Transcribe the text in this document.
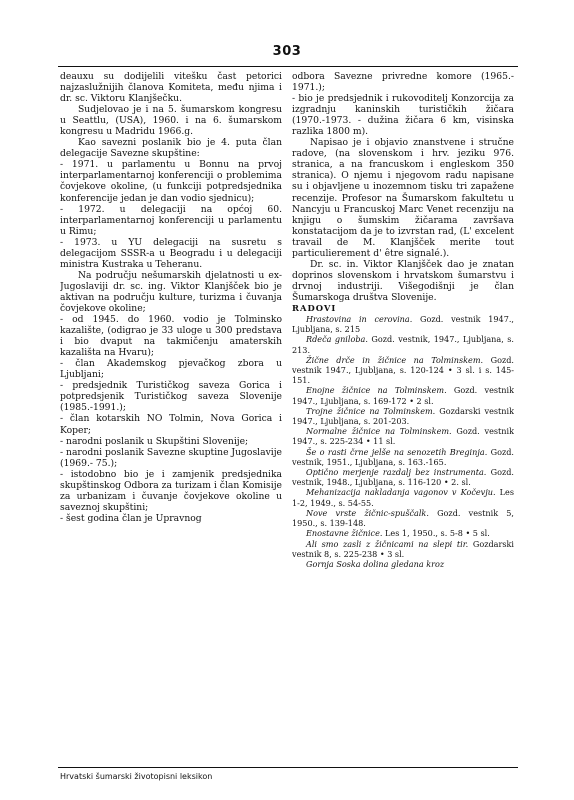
303

deauxu su dodijelili vitešku čast petorici najzaslužnijih članova Komiteta, među njima i dr. sc. Viktoru Klanjšečku.

Sudjelovao je i na 5. šumarskom kongresu u Seattlu, (USA), 1960. i na 6. šumarskom kongresu u Madridu 1966.g.

Kao savezni poslanik bio je 4. puta član delegacije Savezne skupštine:

- 1971. u parlamentu u Bonnu na prvoj interparlamentarnoj konferenciji o problemima čovjekove okoline, (u funkciji potpredsjednika konferencije jedan je dan vodio sjednicu);

- 1972. u delegaciji na općoj 60. interparlamentarnoj konferenciji u parlamentu u Rimu;

- 1973. u YU delegaciji na susretu s delegacijom SSSR-a u Beogradu i u delegaciji ministra Kustraka u Teheranu.

Na području nešumarskih djelatnosti u ex-Jugoslaviji dr. sc. ing. Viktor Klanjšček bio je aktivan na području kulture, turizma i čuvanja čovjekove okoline;

- od 1945. do 1960. vodio je Tolminsko kazalište, (odigrao je 33 uloge u 300 predstava i bio dvaput na takmičenju amaterskih kazališta na Hvaru);

- član Akademskog pjevačkog zbora u Ljubljani;

- predsjednik Turističkog saveza Gorica i potpredsjenik Turističkog saveza Slovenije (1985.-1991.);

- član kotarskih NO Tolmin, Nova Gorica i Koper;

- narodni poslanik u Skupštini Slovenije;

- narodni poslanik Savezne skuptine Jugoslavije (1969.- 75.);

- istodobno bio je i zamjenik predsjednika skupštinskog Odbora za turizam i član Komisije za urbanizam i čuvanje čovjekove okoline u saveznoj skupštini;

- šest godina član je Upravnog

odbora Savezne privredne komore (1965.- 1971.);

- bio je predsjednik i rukovoditelj Konzorcija za izgradnju kaninskih turističkih žičara (1970.-1973. - dužina žičara 6 km, visinska razlika 1800 m).

Napisao je i objavio znanstvene i stručne radove, (na slovenskom i hrv. jeziku 976. stranica, a na francuskom i engleskom 350 stranica). O njemu i njegovom radu napisane su i objavljene u inozemnom tisku tri zapažene recenzije. Profesor na Šumarskom fakultetu u Nancyju u Francuskoj Marc Venet recenziju na knjigu o šumskim žičarama završava konstatacijom da je to izvrstan rad, (L' excelent travail de M. Klanjšček merite tout particulierement d' être signalé.).

Dr. sc. in. Viktor Klanjšček dao je znatan doprinos slovenskom i hrvatskom šumarstvu i drvnoj industriji. Višegodišnji je član Šumarskoga društva Slovenije.

RADOVI

Hrastovina in cerovina. Gozd. vestnik 1947., Ljubljana, s. 215

Rdeča gniloba. Gozd. vestnik, 1947., Ljubljana, s. 213.

Žične drče in žičnice na Tolminskem. Gozd. vestnik 1947., Ljubljana, s. 120-124 • 3 sl. i s. 145-151.

Enojne žičnice na Tolminskem. Gozd. vestnik 1947., Ljubljana, s. 169-172 • 2 sl.

Trojne žičnice na Tolminskem. Gozdarski vestnik 1947., Ljubljana, s. 201-203.

Normalne žičnice na Tolminskem. Gozd. vestnik 1947., s. 225-234 • 11 sl.

Še o rasti črne jelše na senozetih Breginja. Gozd. vestnik, 1951., Ljubljana, s. 163.-165.

Optično merjenje razdalj bez instrumenta. Gozd. vestnik, 1948., Ljubljana, s. 116-120 • 2. sl.

Mehanizacija nakladanja vagonov v Kočevju. Les 1-2, 1949., s. 54-55.

Nove vrste žičnic-spuščalk. Gozd. vestnik 5, 1950., s. 139-148.

Enostavne žičnice. Les 1, 1950., s. 5-8 • 5 sl.

Ali smo zasli z žičnicami na slepi tir. Gozdarski vestnik 8, s. 225-238 • 3 sl.

Gornja Soska dolina gledana kroz

Hrvatski šumarski životopisni leksikon
